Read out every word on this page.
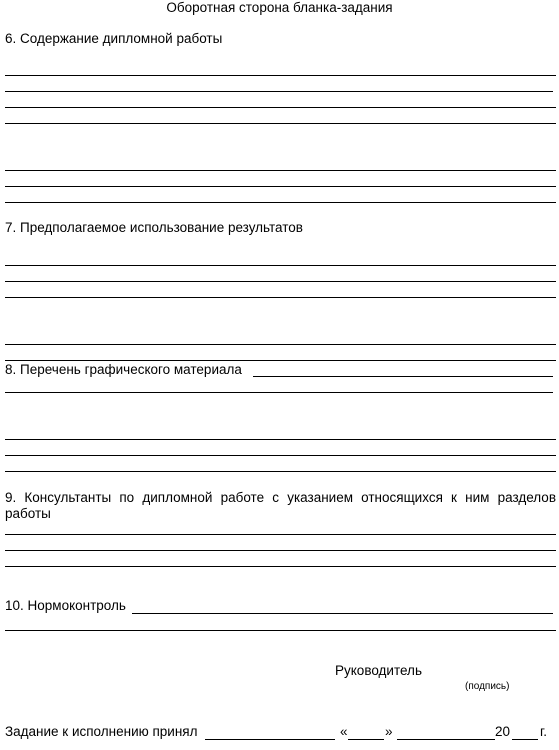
Оборотная сторона бланка-задания
6. Содержание дипломной работы
7. Предполагаемое использование результатов
8. Перечень графического материала
9. Консультанты по дипломной работе с указанием относящихся к ним разделов
работы
10. Нормоконтроль
Руководитель
(подпись)
Задание к исполнению принял	«	»	20 г.
